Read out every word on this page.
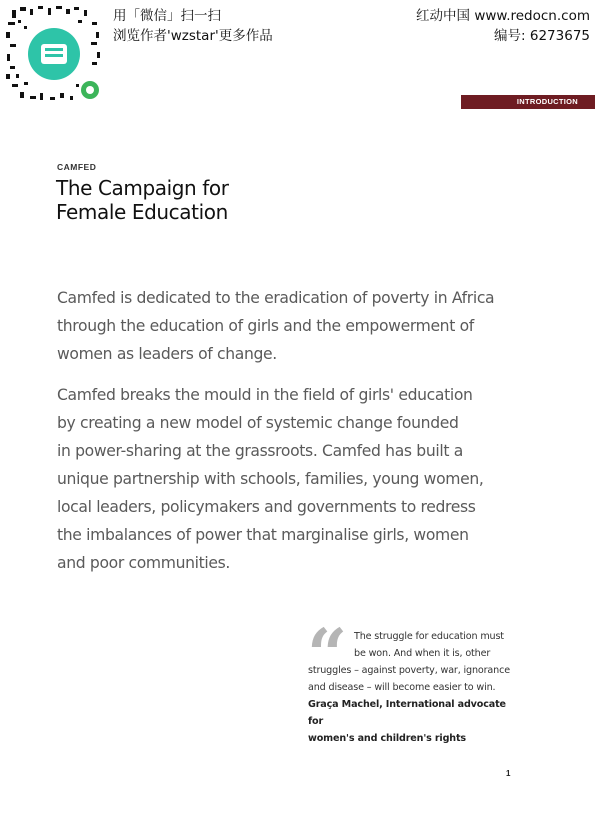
用「微信」扫一扫
浏览作者'wzstar'更多作品
红动中国 www.redocn.com
编号: 6273675
INTRODUCTION
CAMFED
The Campaign for
Female Education

Camfed is dedicated to the eradication of poverty in Africa
through the education of girls and the empowerment of
women as leaders of change.

Camfed breaks the mould in the field of girls' education
by creating a new model of systemic change founded
in power-sharing at the grassroots. Camfed has built a
unique partnership with schools, families, young women,
local leaders, policymakers and governments to redress
the imbalances of power that marginalise girls, women
and poor communities.

“	The struggle for education must
be won. And when it is, other
struggles – against poverty, war, ignorance
and disease – will become easier to win.
Graça Machel, International advocate for
women's and children's rights
1
